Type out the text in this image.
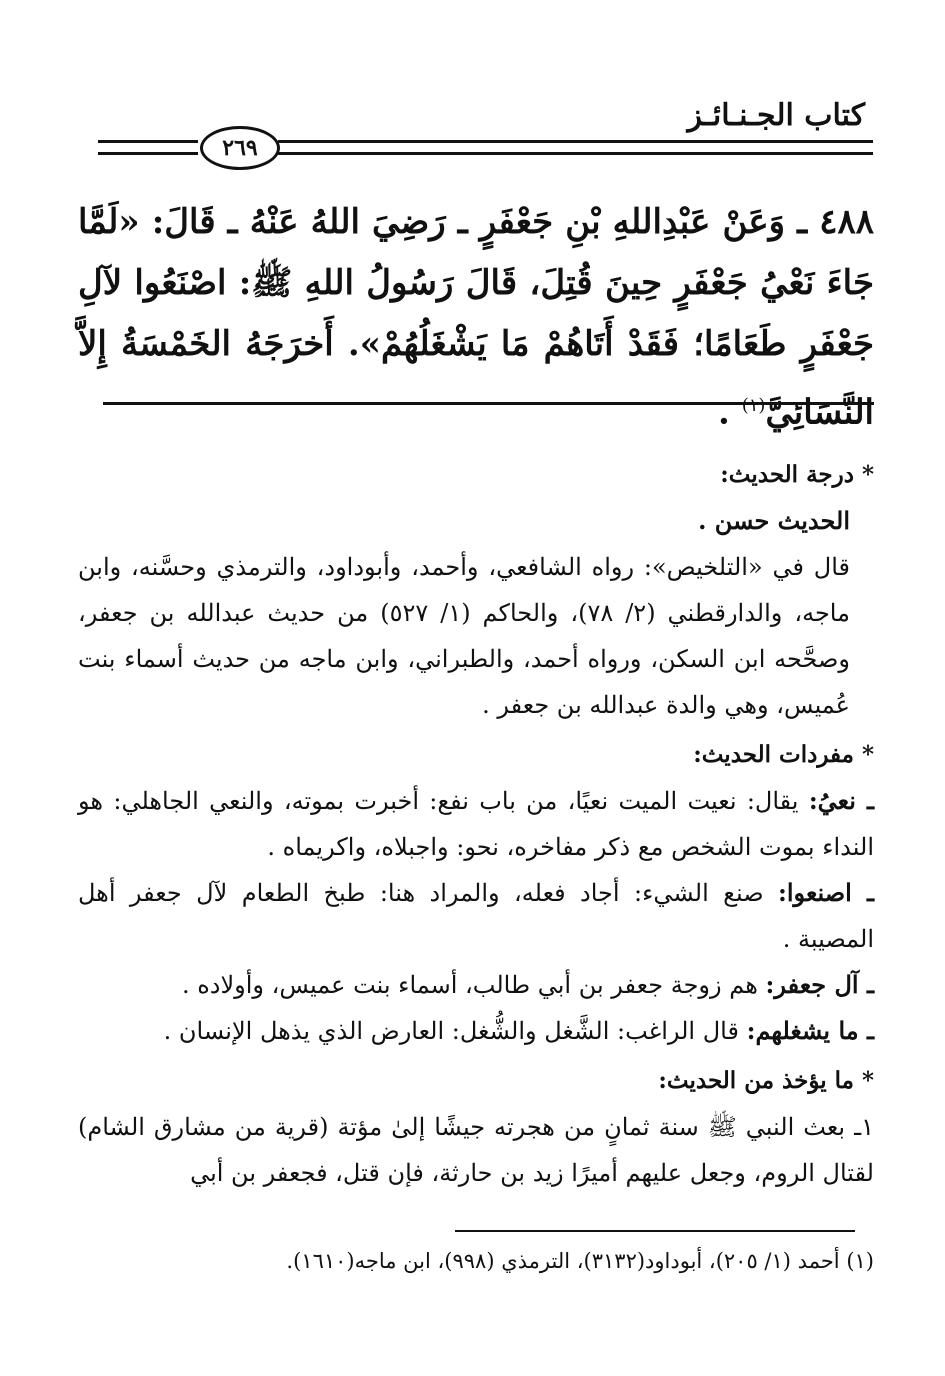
كتاب الجـنـائـز
٢٦٩
٤٨٨ ـ وَعَنْ عَبْدِاللهِ بْنِ جَعْفَرٍ ـ رَضِيَ اللهُ عَنْهُ ـ قَالَ: «لَمَّا جَاءَ نَعْيُ جَعْفَرٍ حِينَ قُتِلَ، قَالَ رَسُولُ اللهِ ﷺ: اصْنَعُوا لآلِ جَعْفَرٍ طَعَامًا؛ فَقَدْ أَتَاهُمْ مَا يَشْغَلُهُمْ». أَخرَجَهُ الخَمْسَةُ إِلاَّ النَّسَائِيَّ$^{(١)}$ .

* درجة الحديث:

الحديث حسن .

قال في «التلخيص»: رواه الشافعي، وأحمد، وأبوداود، والترمذي وحسَّنه، وابن ماجه، والدارقطني (٢/ ٧٨)، والحاكم (١/ ٥٢٧) من حديث عبدالله بن جعفر، وصحَّحه ابن السكن، ورواه أحمد، والطبراني، وابن ماجه من حديث أسماء بنت عُميس، وهي والدة عبدالله بن جعفر .

* مفردات الحديث:

ـ نعيُ: يقال: نعيت الميت نعيًا، من باب نفع: أخبرت بموته، والنعي الجاهلي: هو النداء بموت الشخص مع ذكر مفاخره، نحو: واجبلاه، واكريماه .

ـ اصنعوا: صنع الشيء: أجاد فعله، والمراد هنا: طبخ الطعام لآل جعفر أهل المصيبة .

ـ آل جعفر: هم زوجة جعفر بن أبي طالب، أسماء بنت عميس، وأولاده .

ـ ما يشغلهم: قال الراغب: الشَّغل والشُّغل: العارض الذي يذهل الإنسان .

* ما يؤخذ من الحديث:

١ـ بعث النبي ﷺ سنة ثمانٍ من هجرته جيشًا إلىٰ مؤتة (قرية من مشارق الشام) لقتال الروم، وجعل عليهم أميرًا زيد بن حارثة، فإن قتل، فجعفر بن أبي

(١) أحمد (١/ ٢٠٥)، أبوداود(٣١٣٢)، الترمذي (٩٩٨)، ابن ماجه(١٦١٠).
